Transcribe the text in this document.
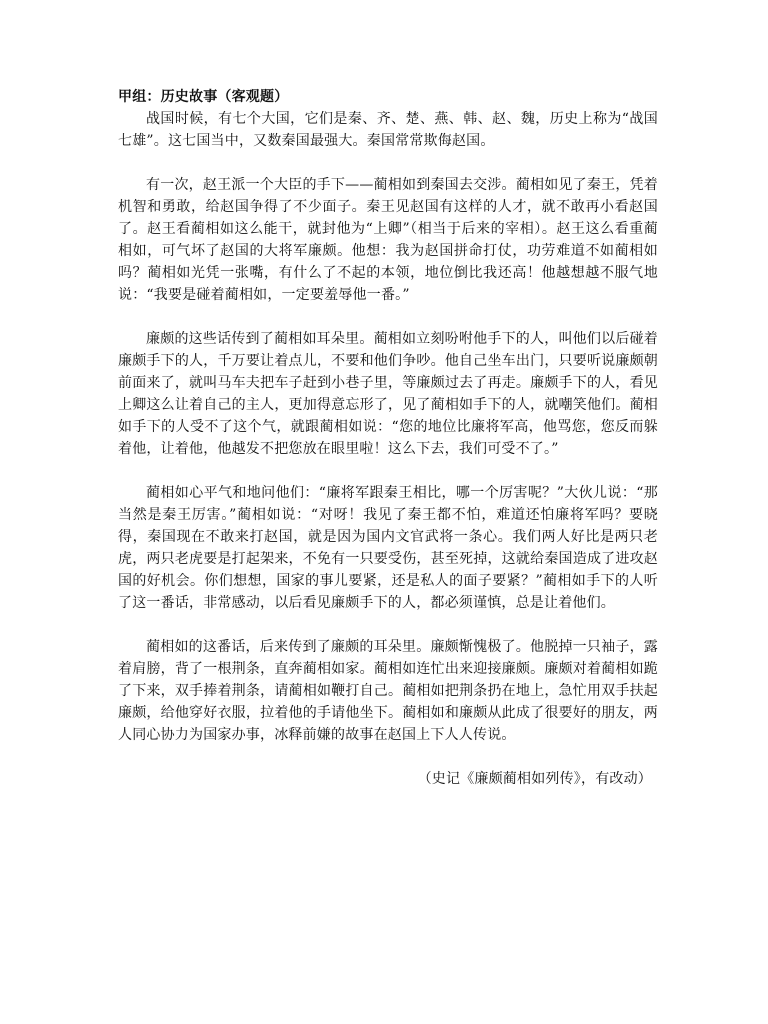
甲组：历史故事（客观题）

战国时候，有七个大国，它们是秦、齐、楚、燕、韩、赵、魏，历史上称为“战国七雄”。这七国当中，又数秦国最强大。秦国常常欺侮赵国。

有一次，赵王派一个大臣的手下——蔺相如到秦国去交涉。蔺相如见了秦王，凭着机智和勇敢，给赵国争得了不少面子。秦王见赵国有这样的人才，就不敢再小看赵国了。赵王看蔺相如这么能干，就封他为“上卿”（相当于后来的宰相）。赵王这么看重蔺相如，可气坏了赵国的大将军廉颇。他想：我为赵国拼命打仗，功劳难道不如蔺相如吗？蔺相如光凭一张嘴，有什么了不起的本领，地位倒比我还高！他越想越不服气地说：“我要是碰着蔺相如，一定要羞辱他一番。”

廉颇的这些话传到了蔺相如耳朵里。蔺相如立刻吩咐他手下的人，叫他们以后碰着廉颇手下的人，千万要让着点儿，不要和他们争吵。他自己坐车出门，只要听说廉颇朝前面来了，就叫马车夫把车子赶到小巷子里，等廉颇过去了再走。廉颇手下的人，看见上卿这么让着自己的主人，更加得意忘形了，见了蔺相如手下的人，就嘲笑他们。蔺相如手下的人受不了这个气，就跟蔺相如说：“您的地位比廉将军高，他骂您，您反而躲着他，让着他，他越发不把您放在眼里啦！这么下去，我们可受不了。”

蔺相如心平气和地问他们：“廉将军跟秦王相比，哪一个厉害呢？”大伙儿说：“那当然是秦王厉害。”蔺相如说：“对呀！我见了秦王都不怕，难道还怕廉将军吗？要晓得，秦国现在不敢来打赵国，就是因为国内文官武将一条心。我们两人好比是两只老虎，两只老虎要是打起架来，不免有一只要受伤，甚至死掉，这就给秦国造成了进攻赵国的好机会。你们想想，国家的事儿要紧，还是私人的面子要紧？”蔺相如手下的人听了这一番话，非常感动，以后看见廉颇手下的人，都必须谨慎，总是让着他们。

蔺相如的这番话，后来传到了廉颇的耳朵里。廉颇惭愧极了。他脱掉一只袖子，露着肩膀，背了一根荆条，直奔蔺相如家。蔺相如连忙出来迎接廉颇。廉颇对着蔺相如跪了下来，双手捧着荆条，请蔺相如鞭打自己。蔺相如把荆条扔在地上，急忙用双手扶起廉颇，给他穿好衣服，拉着他的手请他坐下。蔺相如和廉颇从此成了很要好的朋友，两人同心协力为国家办事，冰释前嫌的故事在赵国上下人人传说。

（史记《廉颇蔺相如列传》，有改动）
